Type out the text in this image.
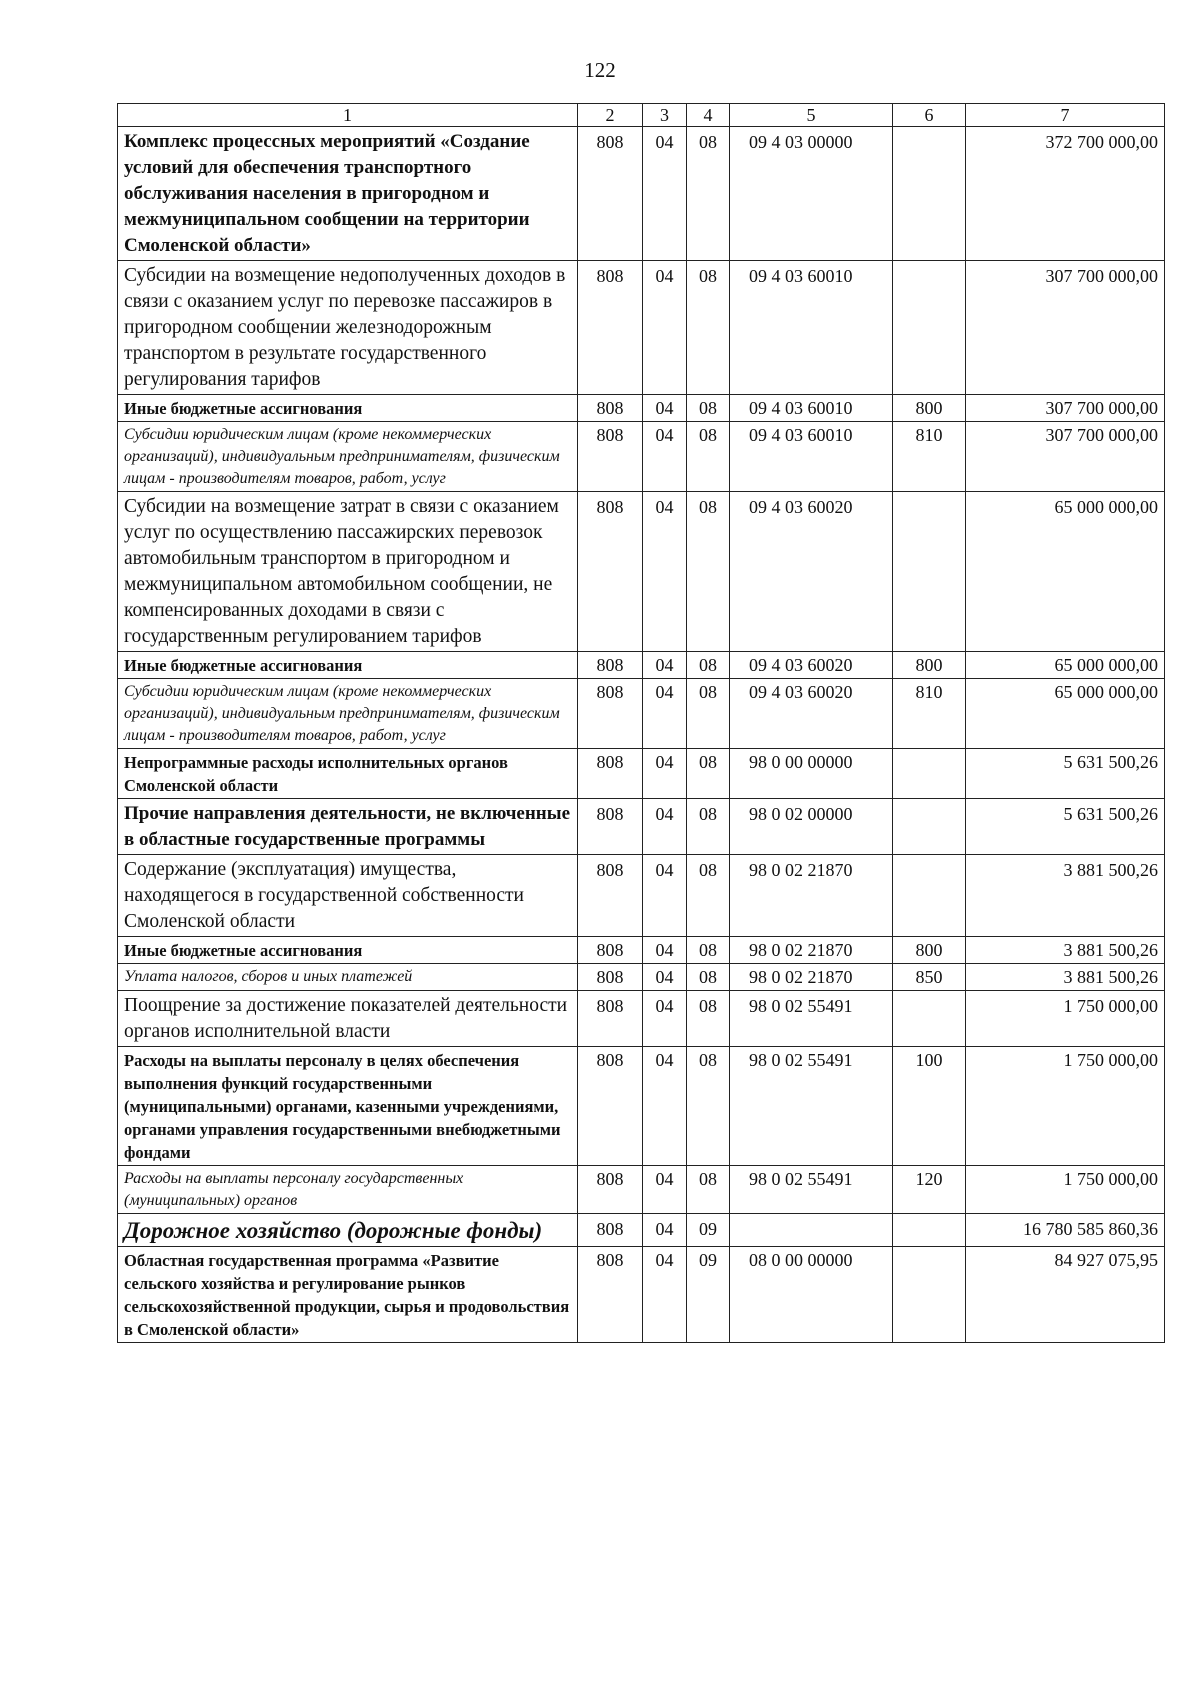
122
1	2	3	4	5	6	7
Комплекс процессных мероприятий «Создание условий для обеспечения транспортного обслуживания населения в пригородном и межмуниципальном сообщении на территории Смоленской области»	808	04	08	09 4 03 00000		372 700 000,00
Субсидии на возмещение недополученных доходов в связи с оказанием услуг по перевозке пассажиров в пригородном сообщении железнодорожным транспортом в результате государственного регулирования тарифов	808	04	08	09 4 03 60010		307 700 000,00
Иные бюджетные ассигнования	808	04	08	09 4 03 60010	800	307 700 000,00
Субсидии юридическим лицам (кроме некоммерческих организаций), индивидуальным предпринимателям, физическим лицам - производителям товаров, работ, услуг	808	04	08	09 4 03 60010	810	307 700 000,00
Субсидии на возмещение затрат в связи с оказанием услуг по осуществлению пассажирских перевозок автомобильным транспортом в пригородном и межмуниципальном автомобильном сообщении, не компенсированных доходами в связи с государственным регулированием тарифов	808	04	08	09 4 03 60020		65 000 000,00
Иные бюджетные ассигнования	808	04	08	09 4 03 60020	800	65 000 000,00
Субсидии юридическим лицам (кроме некоммерческих организаций), индивидуальным предпринимателям, физическим лицам - производителям товаров, работ, услуг	808	04	08	09 4 03 60020	810	65 000 000,00
Непрограммные расходы исполнительных органов Смоленской области	808	04	08	98 0 00 00000		5 631 500,26
Прочие направления деятельности, не включенные в областные государственные программы	808	04	08	98 0 02 00000		5 631 500,26
Содержание (эксплуатация) имущества, находящегося в государственной собственности Смоленской области	808	04	08	98 0 02 21870		3 881 500,26
Иные бюджетные ассигнования	808	04	08	98 0 02 21870	800	3 881 500,26
Уплата налогов, сборов и иных платежей	808	04	08	98 0 02 21870	850	3 881 500,26
Поощрение за достижение показателей деятельности органов исполнительной власти	808	04	08	98 0 02 55491		1 750 000,00
Расходы на выплаты персоналу в целях обеспечения выполнения функций государственными (муниципальными) органами, казенными учреждениями, органами управления государственными внебюджетными фондами	808	04	08	98 0 02 55491	100	1 750 000,00
Расходы на выплаты персоналу государственных (муниципальных) органов	808	04	08	98 0 02 55491	120	1 750 000,00
Дорожное хозяйство (дорожные фонды)	808	04	09			16 780 585 860,36
Областная государственная программа «Развитие сельского хозяйства и регулирование рынков сельскохозяйственной продукции, сырья и продовольствия в Смоленской области»	808	04	09	08 0 00 00000		84 927 075,95
